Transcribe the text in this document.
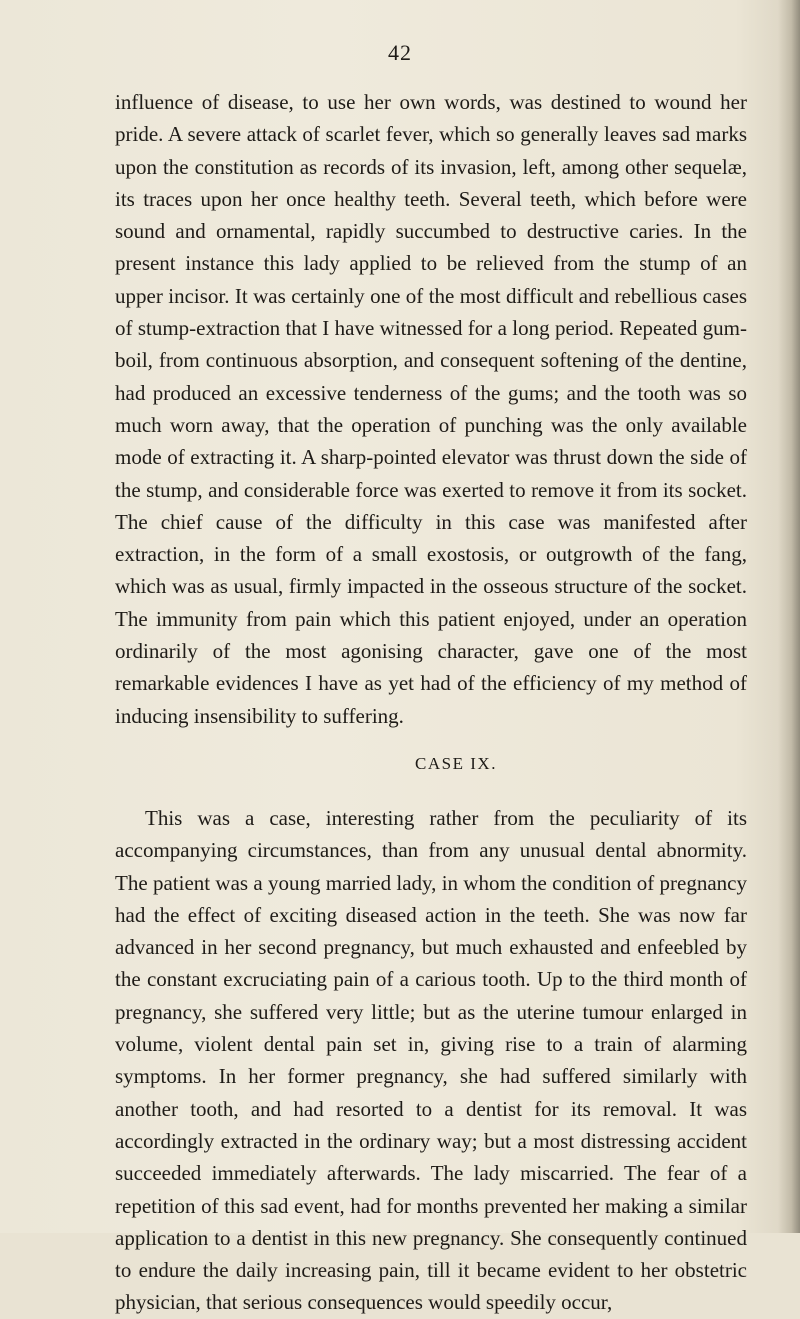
42

influence of disease, to use her own words, was destined to wound her pride. A severe attack of scarlet fever, which so generally leaves sad marks upon the constitution as records of its invasion, left, among other sequelæ, its traces upon her once healthy teeth. Several teeth, which before were sound and ornamental, rapidly succumbed to destructive caries. In the present instance this lady applied to be relieved from the stump of an upper incisor. It was certainly one of the most difficult and rebellious cases of stump-extraction that I have witnessed for a long period. Repeated gum-boil, from continuous absorption, and consequent softening of the dentine, had produced an excessive tenderness of the gums; and the tooth was so much worn away, that the operation of punching was the only available mode of extracting it. A sharp-pointed elevator was thrust down the side of the stump, and considerable force was exerted to remove it from its socket. The chief cause of the difficulty in this case was manifested after extraction, in the form of a small exostosis, or outgrowth of the fang, which was as usual, firmly impacted in the osseous structure of the socket. The immunity from pain which this patient enjoyed, under an operation ordinarily of the most agonising character, gave one of the most remarkable evidences I have as yet had of the efficiency of my method of inducing insensibility to suffering.

CASE IX.

This was a case, interesting rather from the peculiarity of its accompanying circumstances, than from any unusual dental abnormity. The patient was a young married lady, in whom the condition of pregnancy had the effect of exciting diseased action in the teeth. She was now far advanced in her second pregnancy, but much exhausted and enfeebled by the constant excruciating pain of a carious tooth. Up to the third month of pregnancy, she suffered very little; but as the uterine tumour enlarged in volume, violent dental pain set in, giving rise to a train of alarming symptoms. In her former pregnancy, she had suffered similarly with another tooth, and had resorted to a dentist for its removal. It was accordingly extracted in the ordinary way; but a most distressing accident succeeded immediately afterwards. The lady miscarried. The fear of a repetition of this sad event, had for months prevented her making a similar application to a dentist in this new pregnancy. She consequently continued to endure the daily increasing pain, till it became evident to her obstetric physician, that serious consequences would speedily occur,
